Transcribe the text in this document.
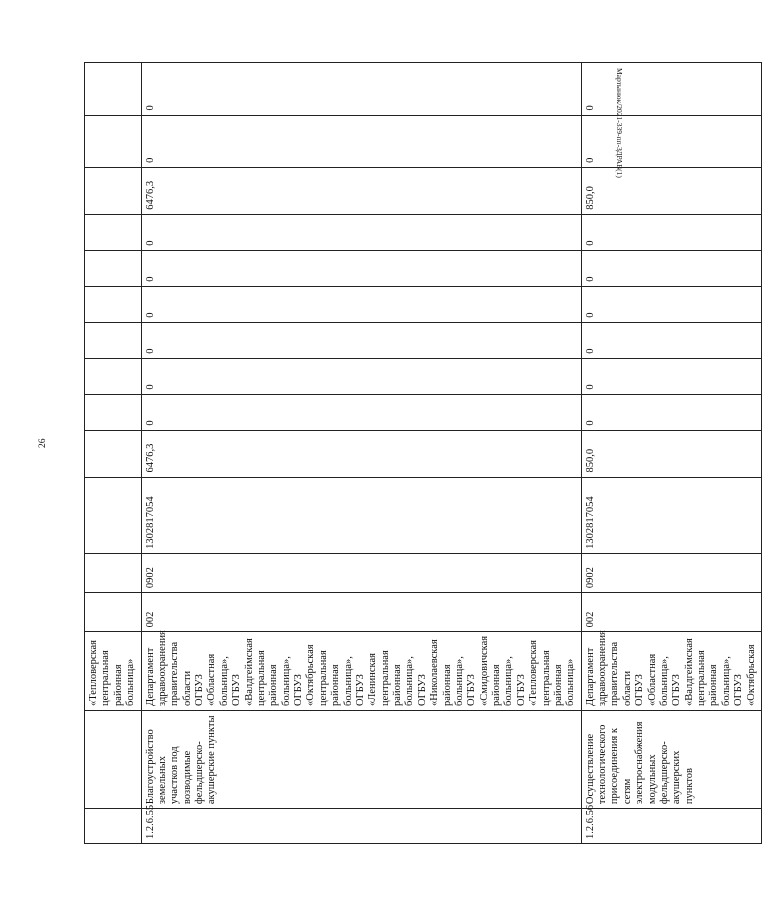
26
Мартынюк/2021-339-пп-ЗДРАВ(1)
		«Тепловерская центральная районная больница»													
1.2.6.55	Благоустройство земельных участков под возводимые фельдшерско-акушерские пункты	Департамент здравоохранения правительства области ОГБУЗ «Областная больница», ОГБУЗ «Валдгеймская центральная районная больница», ОГБУЗ «Октябрьская центральная районная больница», ОГБУЗ «Ленинская центральная районная больница», ОГБУЗ «Николаевская районная больница», ОГБУЗ «Смидовичская районная больница», ОГБУЗ «Тепловерская центральная районная больница»	002	0902	1302817054	6476,3	0	0	0	0	0	0	6476,3	0	0
1.2.6.56	Осуществление технологического присоединения к сетям электроснабжения модульных фельдшерско-акушерских пунктов	Департамент здравоохранения правительства области ОГБУЗ «Областная больница», ОГБУЗ «Валдгеймская центральная районная больница», ОГБУЗ «Октябрьская	002	0902	1302817054	850,0	0	0	0	0	0	0	850,0	0	0
